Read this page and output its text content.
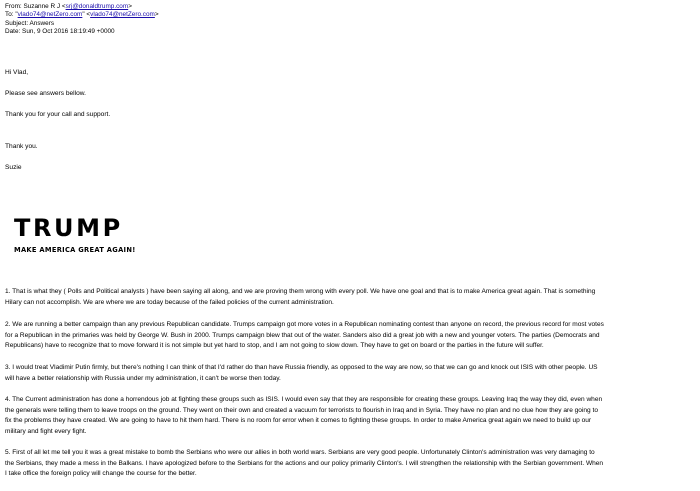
From: Suzanne R J <srj@donaldtrump.com>
To: "vlado74@netZero.com" <vlado74@netZero.com>
Subject: Answers
Date: Sun, 9 Oct 2016 18:19:49 +0000
Hi Vlad,
Please see answers bellow.
Thank you for your call and support.
Thank you.
Suzie
TRUMP
MAKE AMERICA GREAT AGAIN!
1. That is what they ( Polls and Political analysts ) have been saying all along, and we are proving them wrong with every poll. We have one goal and that is to make America great again. That is something
Hilary can not accomplish. We are where we are today because of the failed policies of the current administration.
2. We are running a better campaign than any previous Republican candidate. Trumps campaign got more votes in a Republican nominating contest than anyone on record, the previous record for most votes
for a Republican in the primaries was held by George W. Bush in 2000. Trumps campaign blew that out of the water. Sanders also did a great job with a new and younger voters. The parties (Democrats and
Republicans) have to recognize that to move forward it is not simple but yet hard to stop, and I am not going to slow down. They have to get on board or the parties in the future will suffer.
3. I would treat Vladimir Putin firmly, but there's nothing I can think of that I'd rather do than have Russia friendly, as opposed to the way are now, so that we can go and knock out ISIS with other people. US
will have a better relationship with Russia under my administration, it can't be worse then today.
4. The Current administration has done a horrendous job at fighting these groups such as ISIS. I would even say that they are responsible for creating these groups. Leaving Iraq the way they did, even when
the generals were telling them to leave troops on the ground. They went on their own and created a vacuum for terrorists to flourish in Iraq and in Syria. They have no plan and no clue how they are going to
fix the problems they have created. We are going to have to hit them hard. There is no room for error when it comes to fighting these groups. In order to make America great again we need to build up our
military and fight every fight.
5. First of all let me tell you it was a great mistake to bomb the Serbians who were our allies in both world wars. Serbians are very good people. Unfortunately Clinton's administration was very damaging to
the Serbians, they made a mess in the Balkans. I have apologized before to the Serbians for the actions and our policy primarily Clinton's. I will strengthen the relationship with the Serbian government. When
I take office the foreign policy will change the course for the better.
